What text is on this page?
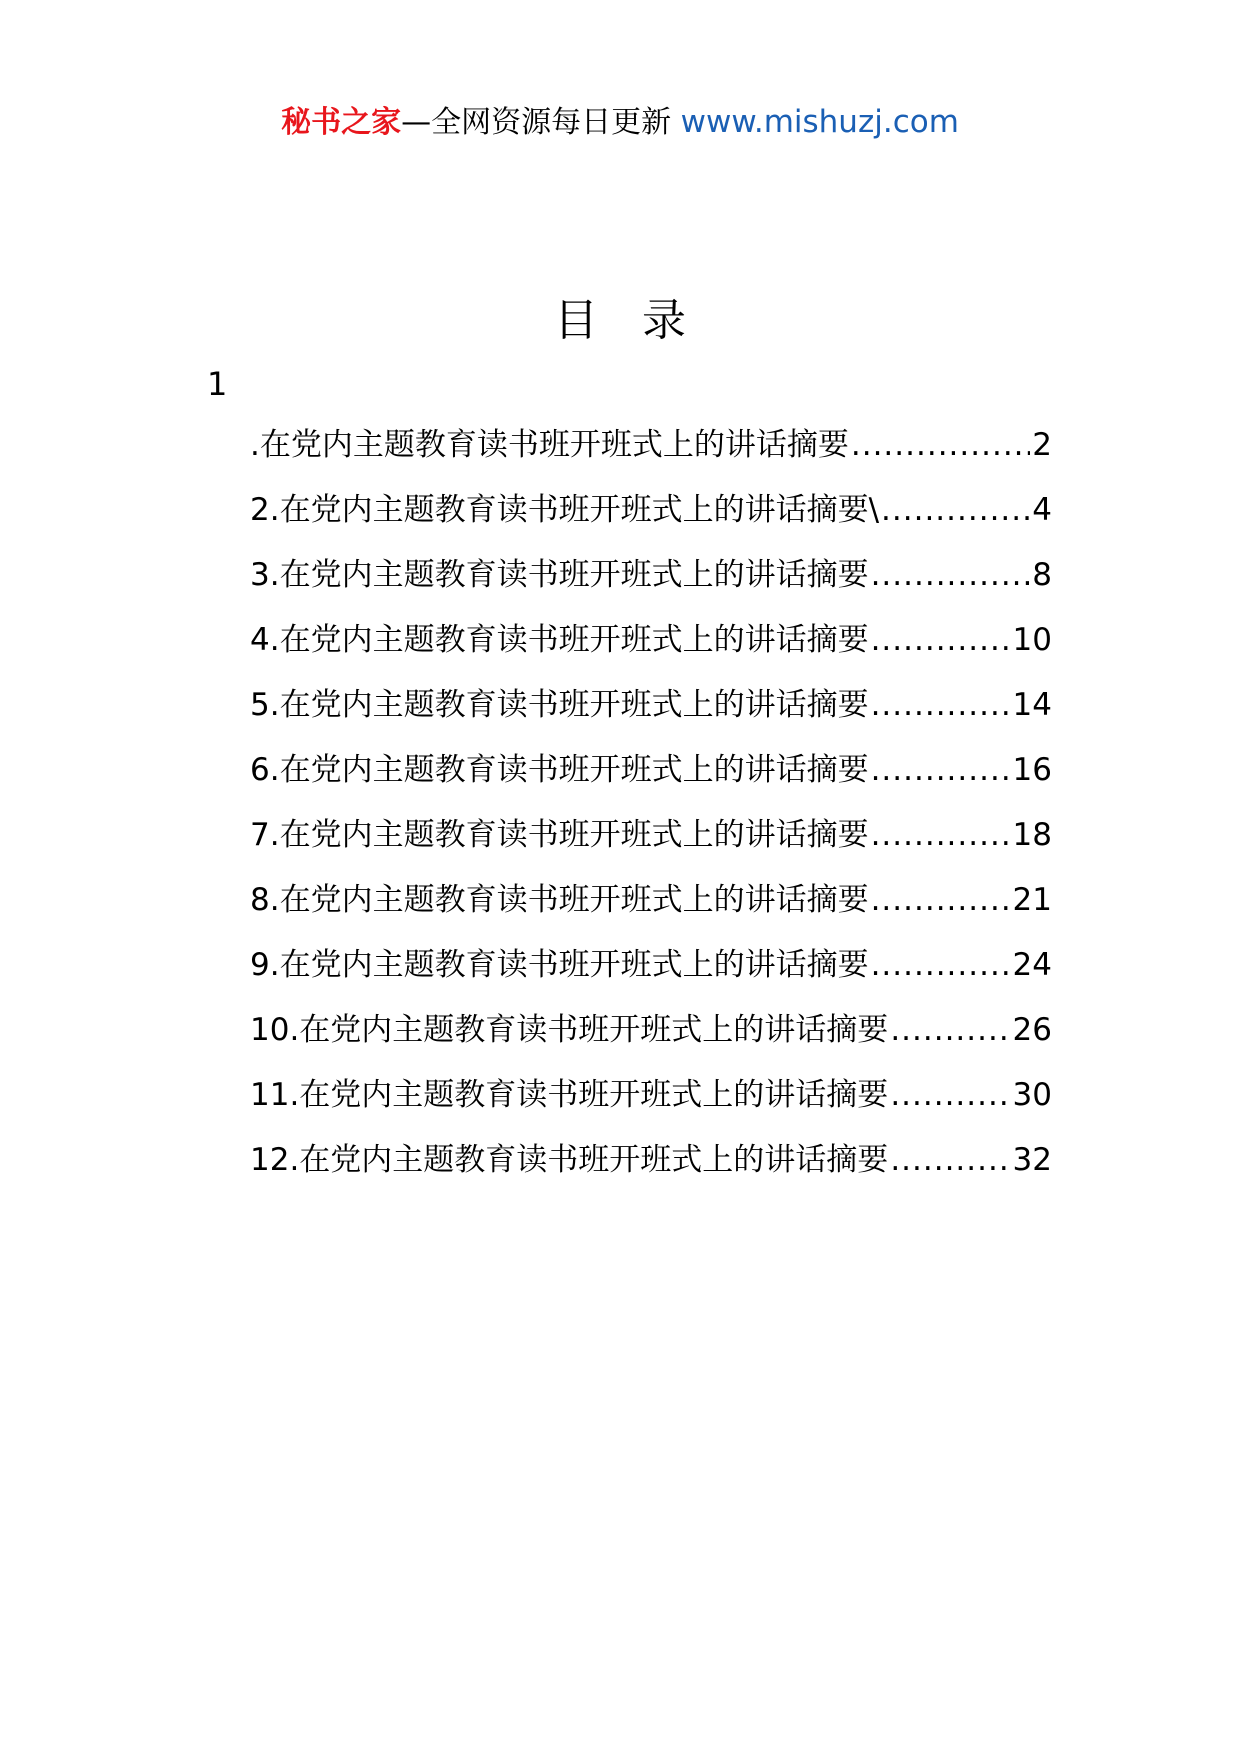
秘书之家—全网资源每日更新 www.mishuzj.com
目录
1
.在党内主题教育读书班开班式上的讲话摘要 .....	2
2.在党内主题教育读书班开班式上的讲话摘要\ .....	4
3.在党内主题教育读书班开班式上的讲话摘要 .....	8
4.在党内主题教育读书班开班式上的讲话摘要 .....	10
5.在党内主题教育读书班开班式上的讲话摘要 .....	14
6.在党内主题教育读书班开班式上的讲话摘要 .....	16
7.在党内主题教育读书班开班式上的讲话摘要 .....	18
8.在党内主题教育读书班开班式上的讲话摘要 .....	21
9.在党内主题教育读书班开班式上的讲话摘要 .....	24
10.在党内主题教育读书班开班式上的讲话摘要 .....	26
11.在党内主题教育读书班开班式上的讲话摘要 .....	30
12.在党内主题教育读书班开班式上的讲话摘要 .....	32
